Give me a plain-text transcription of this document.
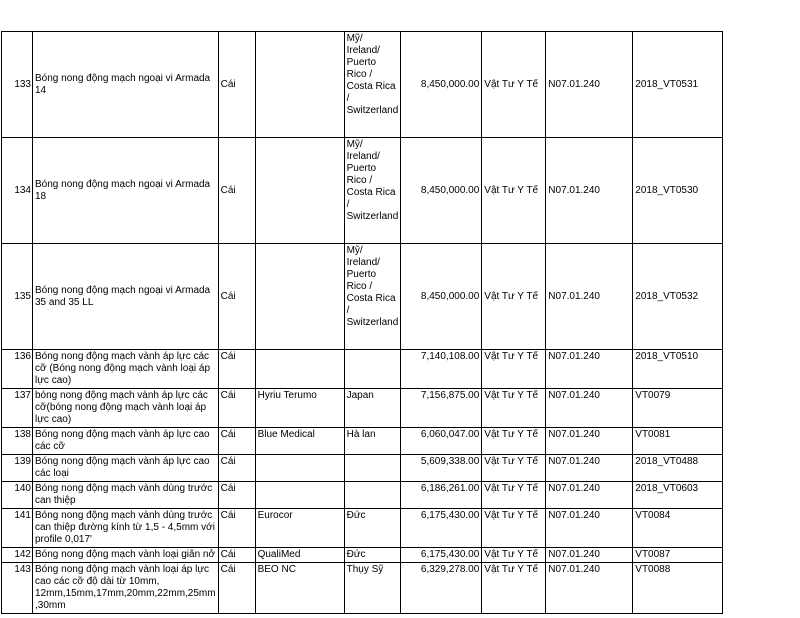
133	Bóng nong động mạch ngoại vi Armada 14	Cái		Mỹ/ Ireland/ Puerto Rico / Costa Rica / Switzerland	8,450,000.00	Vật Tư Y Tế	N07.01.240	2018_VT0531
134	Bóng nong động mạch ngoại vi Armada 18	Cái		Mỹ/ Ireland/ Puerto Rico / Costa Rica / Switzerland	8,450,000.00	Vật Tư Y Tế	N07.01.240	2018_VT0530
135	Bóng nong động mạch ngoại vi Armada 35 and 35 LL	Cái		Mỹ/ Ireland/ Puerto Rico / Costa Rica / Switzerland	8,450,000.00	Vật Tư Y Tế	N07.01.240	2018_VT0532
136	Bóng nong động mạch vành áp lực các cỡ (Bóng nong động mạch vành loại áp lực cao)	Cái			7,140,108.00	Vật Tư Y Tế	N07.01.240	2018_VT0510
137	bóng nong động mạch vành áp lực các cỡ(bóng nong động mạch vành loại áp lực cao)	Cái	Hyriu Terumo	Japan	7,156,875.00	Vật Tư Y Tế	N07.01.240	VT0079
138	Bóng nong động mạch vành áp lực cao các cỡ	Cái	Blue Medical	Hà lan	6,060,047.00	Vật Tư Y Tế	N07.01.240	VT0081
139	Bóng nong động mạch vành áp lực cao các loại	Cái			5,609,338.00	Vật Tư Y Tế	N07.01.240	2018_VT0488
140	Bóng nong động mạch vành dùng trước can thiệp	Cái			6,186,261.00	Vật Tư Y Tế	N07.01.240	2018_VT0603
141	Bóng nong động mạch vành dùng trước can thiệp đường kính từ 1,5 - 4,5mm với profile 0,017'	Cái	Eurocor	Đức	6,175,430.00	Vật Tư Y Tế	N07.01.240	VT0084
142	Bóng nong động mạch vành loại giãn nở	Cái	QualiMed	Đức	6,175,430.00	Vật Tư Y Tế	N07.01.240	VT0087
143	Bóng nong động mạch vành loại áp lực cao các cỡ độ dài từ 10mm, 12mm,15mm,17mm,20mm,22mm,25mm ,30mm	Cái	BEO NC	Thụy Sỹ	6,329,278.00	Vật Tư Y Tế	N07.01.240	VT0088
